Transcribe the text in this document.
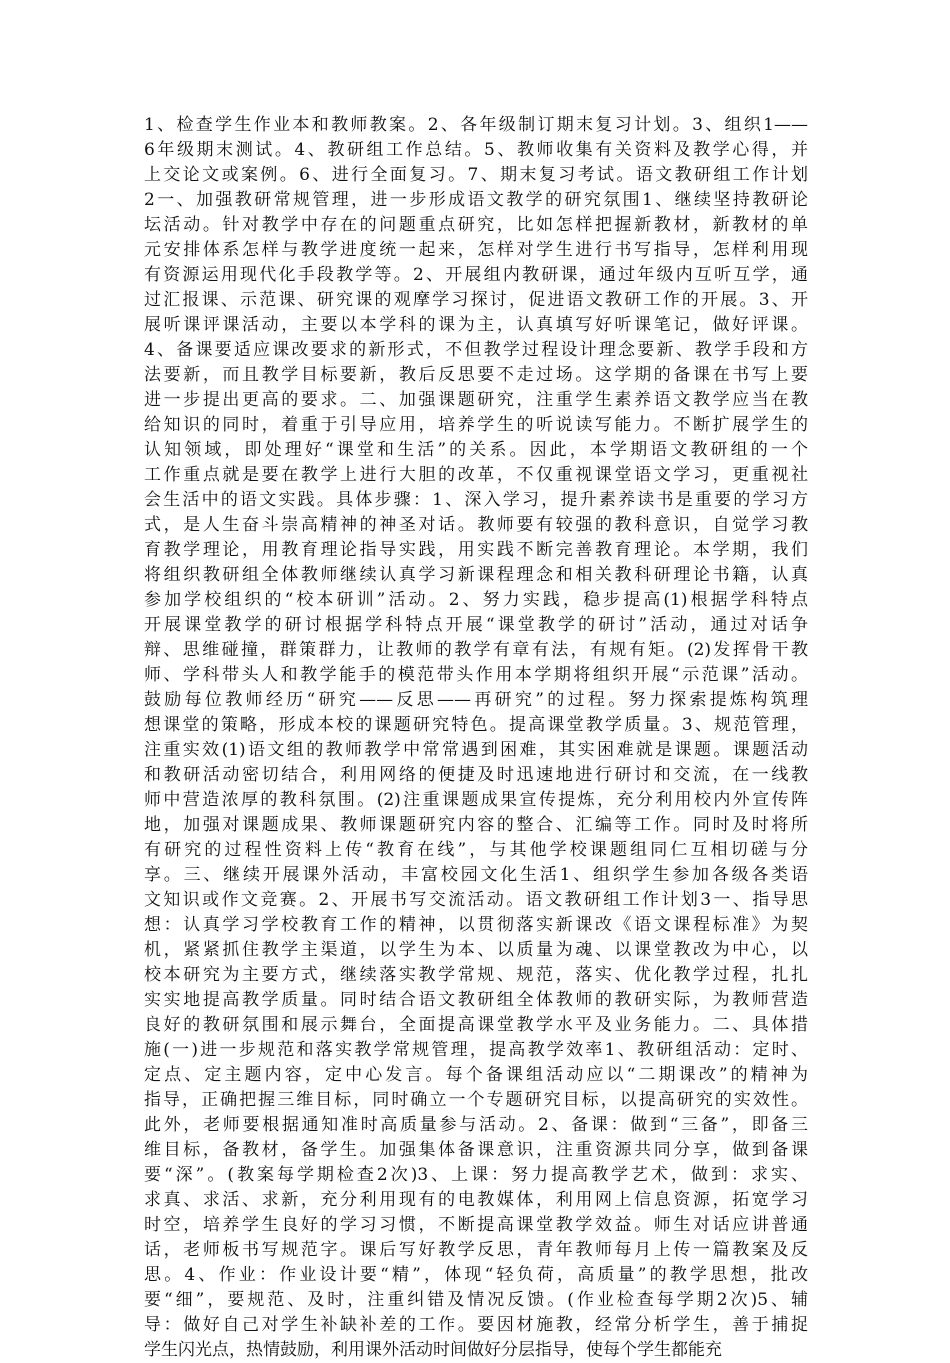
1、检查学生作业本和教师教案。2、各年级制订期末复习计划。3、组织1——
6年级期末测试。4、教研组工作总结。5、教师收集有关资料及教学心得，并
上交论文或案例。6、进行全面复习。7、期末复习考试。语文教研组工作计划
2一、加强教研常规管理，进一步形成语文教学的研究氛围1、继续坚持教研论
坛活动。针对教学中存在的问题重点研究，比如怎样把握新教材，新教材的单
元安排体系怎样与教学进度统一起来，怎样对学生进行书写指导，怎样利用现
有资源运用现代化手段教学等。2、开展组内教研课，通过年级内互听互学，通
过汇报课、示范课、研究课的观摩学习探讨，促进语文教研工作的开展。3、开
展听课评课活动，主要以本学科的课为主，认真填写好听课笔记，做好评课。
4、备课要适应课改要求的新形式，不但教学过程设计理念要新、教学手段和方
法要新，而且教学目标要新，教后反思要不走过场。这学期的备课在书写上要
进一步提出更高的要求。二、加强课题研究，注重学生素养语文教学应当在教
给知识的同时，着重于引导应用，培养学生的听说读写能力。不断扩展学生的
认知领域，即处理好“课堂和生活”的关系。因此，本学期语文教研组的一个
工作重点就是要在教学上进行大胆的改革，不仅重视课堂语文学习，更重视社
会生活中的语文实践。具体步骤：1、深入学习，提升素养读书是重要的学习方
式，是人生奋斗崇高精神的神圣对话。教师要有较强的教科意识，自觉学习教
育教学理论，用教育理论指导实践，用实践不断完善教育理论。本学期，我们
将组织教研组全体教师继续认真学习新课程理念和相关教科研理论书籍，认真
参加学校组织的“校本研训”活动。2、努力实践，稳步提高(1)根据学科特点
开展课堂教学的研讨根据学科特点开展“课堂教学的研讨”活动，通过对话争
辩、思维碰撞，群策群力，让教师的教学有章有法，有规有矩。(2)发挥骨干教
师、学科带头人和教学能手的模范带头作用本学期将组织开展“示范课”活动。
鼓励每位教师经历“研究——反思——再研究”的过程。努力探索提炼构筑理
想课堂的策略，形成本校的课题研究特色。提高课堂教学质量。3、规范管理，
注重实效(1)语文组的教师教学中常常遇到困难，其实困难就是课题。课题活动
和教研活动密切结合，利用网络的便捷及时迅速地进行研讨和交流，在一线教
师中营造浓厚的教科氛围。(2)注重课题成果宣传提炼，充分利用校内外宣传阵
地，加强对课题成果、教师课题研究内容的整合、汇编等工作。同时及时将所
有研究的过程性资料上传“教育在线”，与其他学校课题组同仁互相切磋与分
享。三、继续开展课外活动，丰富校园文化生活1、组织学生参加各级各类语
文知识或作文竞赛。2、开展书写交流活动。语文教研组工作计划3一、指导思
想：认真学习学校教育工作的精神，以贯彻落实新课改《语文课程标准》为契
机，紧紧抓住教学主渠道，以学生为本、以质量为魂、以课堂教改为中心，以
校本研究为主要方式，继续落实教学常规、规范，落实、优化教学过程，扎扎
实实地提高教学质量。同时结合语文教研组全体教师的教研实际，为教师营造
良好的教研氛围和展示舞台，全面提高课堂教学水平及业务能力。二、具体措
施(一)进一步规范和落实教学常规管理，提高教学效率1、教研组活动：定时、
定点、定主题内容，定中心发言。每个备课组活动应以“二期课改”的精神为
指导，正确把握三维目标，同时确立一个专题研究目标，以提高研究的实效性。
此外，老师要根据通知准时高质量参与活动。2、备课：做到“三备”，即备三
维目标，备教材，备学生。加强集体备课意识，注重资源共同分享，做到备课
要“深”。(教案每学期检查2次)3、上课：努力提高教学艺术，做到：求实、
求真、求活、求新，充分利用现有的电教媒体，利用网上信息资源，拓宽学习
时空，培养学生良好的学习习惯，不断提高课堂教学效益。师生对话应讲普通
话，老师板书写规范字。课后写好教学反思，青年教师每月上传一篇教案及反
思。4、作业：作业设计要“精”，体现“轻负荷，高质量”的教学思想，批改
要“细”，要规范、及时，注重纠错及情况反馈。(作业检查每学期2次)5、辅
导：做好自己对学生补缺补差的工作。要因材施教，经常分析学生，善于捕捉
学生闪光点，热情鼓励，利用课外活动时间做好分层指导，使每个学生都能充
